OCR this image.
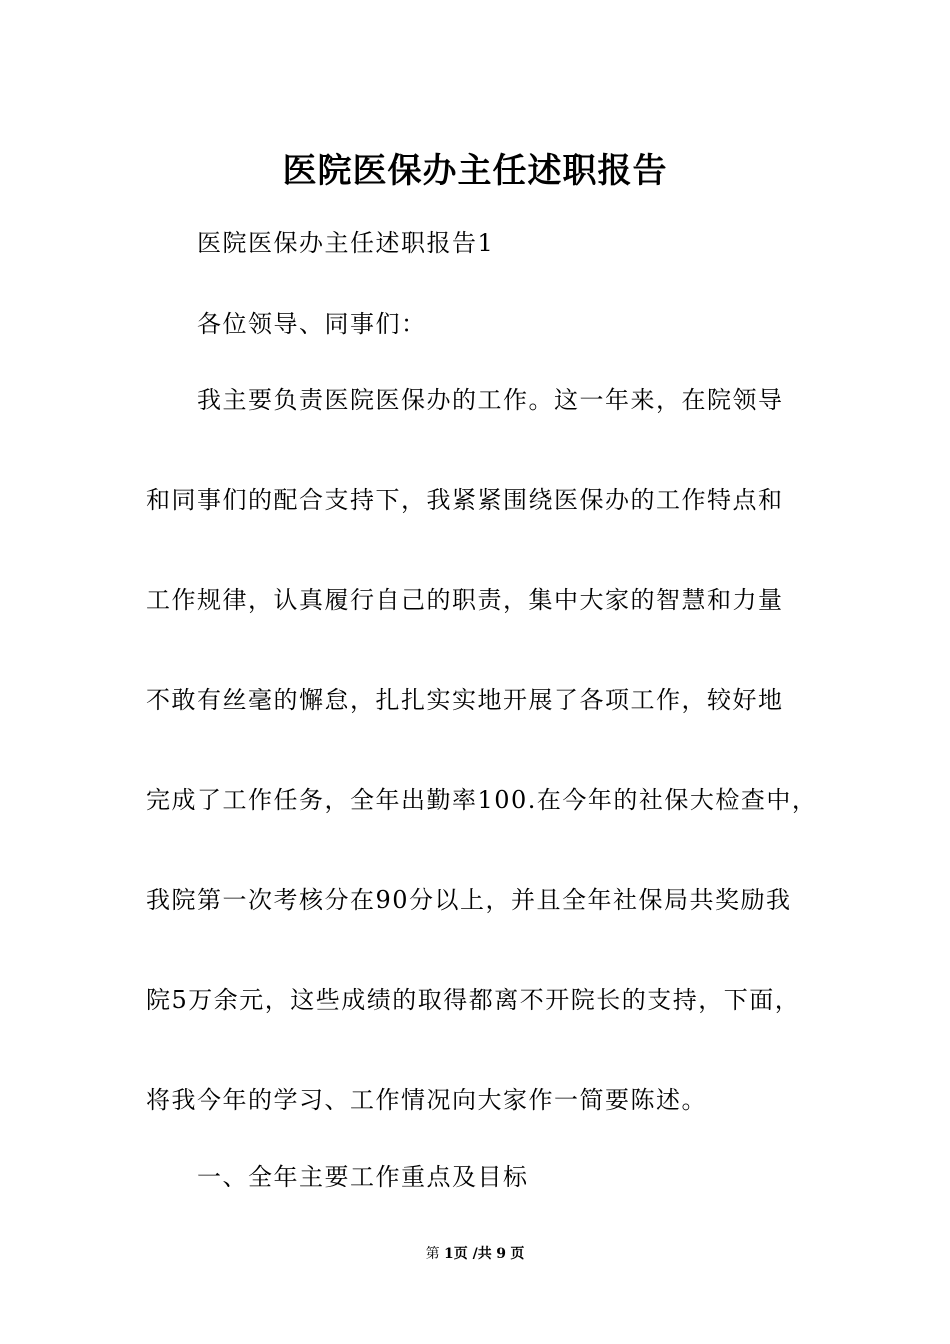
医院医保办主任述职报告
医院医保办主任述职报告1
各位领导、同事们：
我主要负责医院医保办的工作。这一年来，在院领导
和同事们的配合支持下，我紧紧围绕医保办的工作特点和
工作规律，认真履行自己的职责，集中大家的智慧和力量
不敢有丝毫的懈怠，扎扎实实地开展了各项工作，较好地
完成了工作任务，全年出勤率100.在今年的社保大检查中，
我院第一次考核分在90分以上，并且全年社保局共奖励我
院5万余元，这些成绩的取得都离不开院长的支持，下面，
将我今年的学习、工作情况向大家作一简要陈述。
一、全年主要工作重点及目标
第 1页 /共 9 页
